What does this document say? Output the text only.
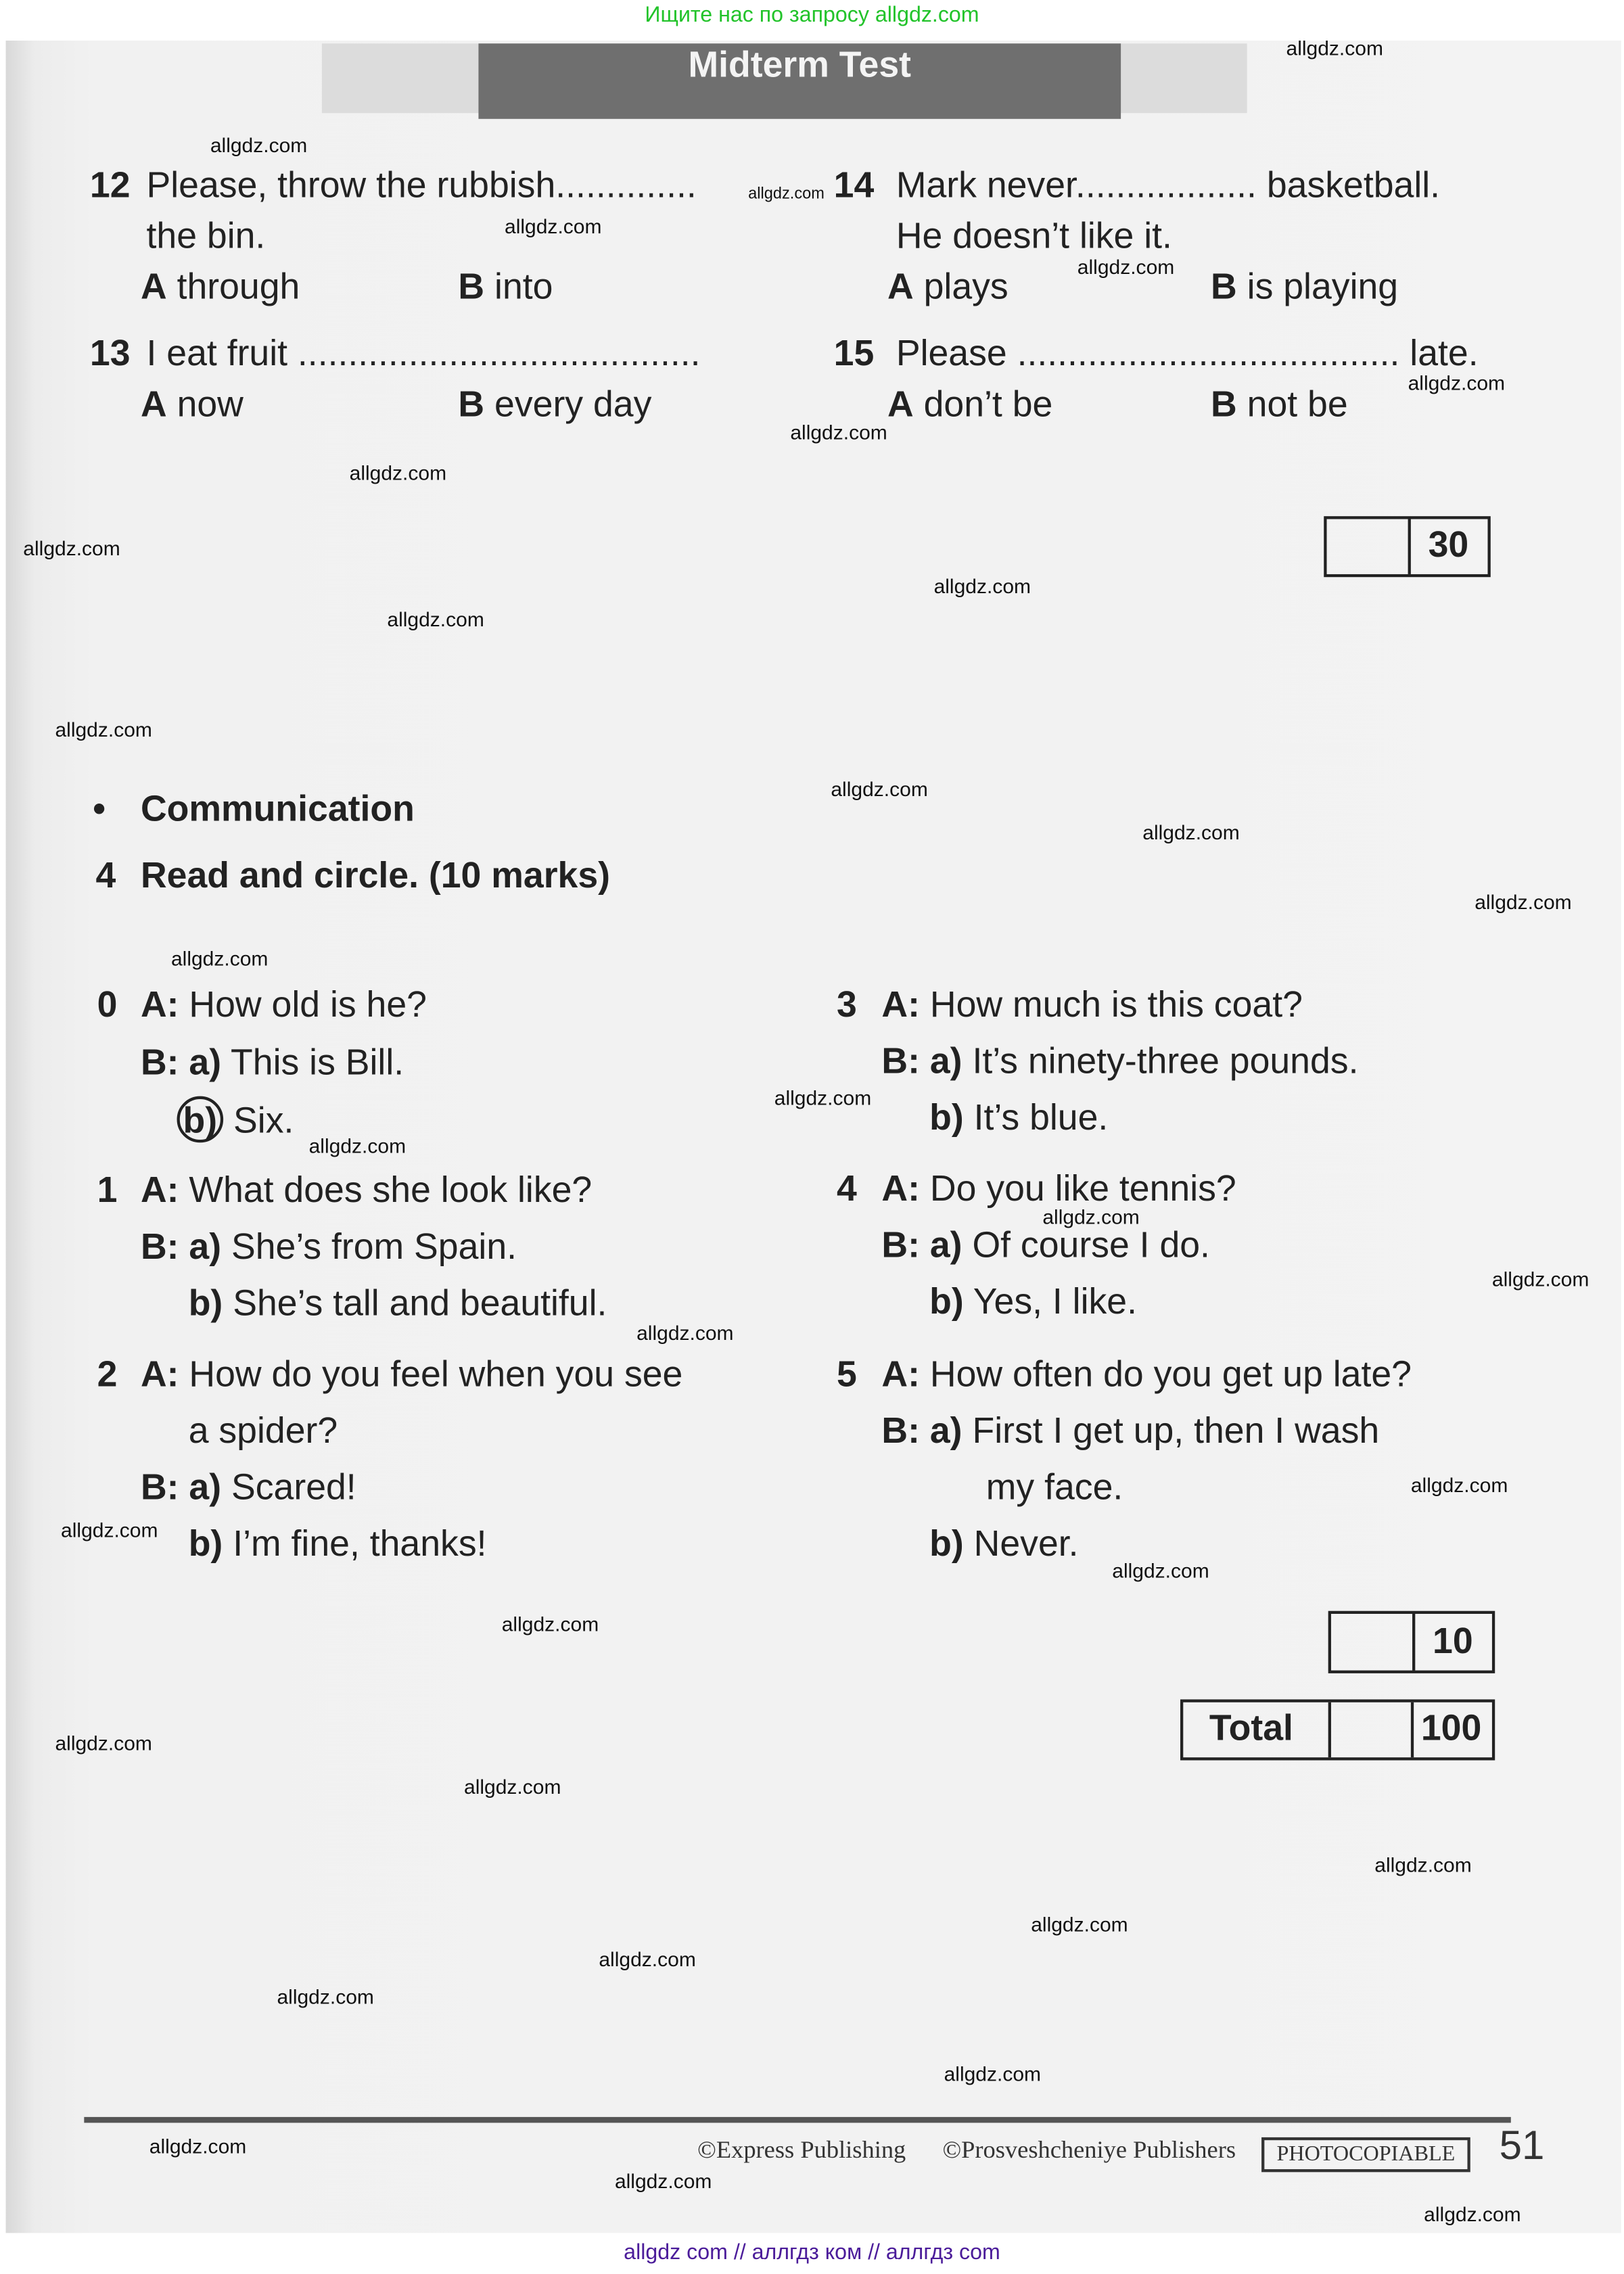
Ищите нас по запросу allgdz.com
Midterm Test
12 Please, throw the rubbish..............
the bin.
A through	B into
13 I eat fruit ........................................
A now	B every day
14 Mark never.................. basketball.
He doesn’t like it.
A plays	B is playing
15 Please ...................................... late.
A don’t be	B not be
30
• Communication
4 Read and circle. (10 marks)
0 A: How old is he?
B: a) This is Bill.
b) Six.
1 A: What does she look like?
B: a) She’s from Spain.
b) She’s tall and beautiful.
2 A: How do you feel when you see
a spider?
B: a) Scared!
b) I’m fine, thanks!
3 A: How much is this coat?
B: a) It’s ninety-three pounds.
b) It’s blue.
4 A: Do you like tennis?
B: a) Of course I do.
b) Yes, I like.
5 A: How often do you get up late?
B: a) First I get up, then I wash
my face.
b) Never.
10
Total	100
©Express Publishing	©Prosveshcheniye Publishers	PHOTOCOPIABLE	51
allgdz com // аллгдз ком // аллгдз com
allgdz.com
allgdz.com
allgdz.com
allgdz.com
allgdz.com
allgdz.com
allgdz.com
allgdz.com
allgdz.com
allgdz.com
allgdz.com
allgdz.com
allgdz.com
allgdz.com
allgdz.com
allgdz.com
allgdz.com
allgdz.com
allgdz.com
allgdz.com
allgdz.com
allgdz.com
allgdz.com
allgdz.com
allgdz.com
allgdz.com
allgdz.com
allgdz.com
allgdz.com
allgdz.com
allgdz.com
allgdz.com
allgdz.com
allgdz.com
allgdz.com
